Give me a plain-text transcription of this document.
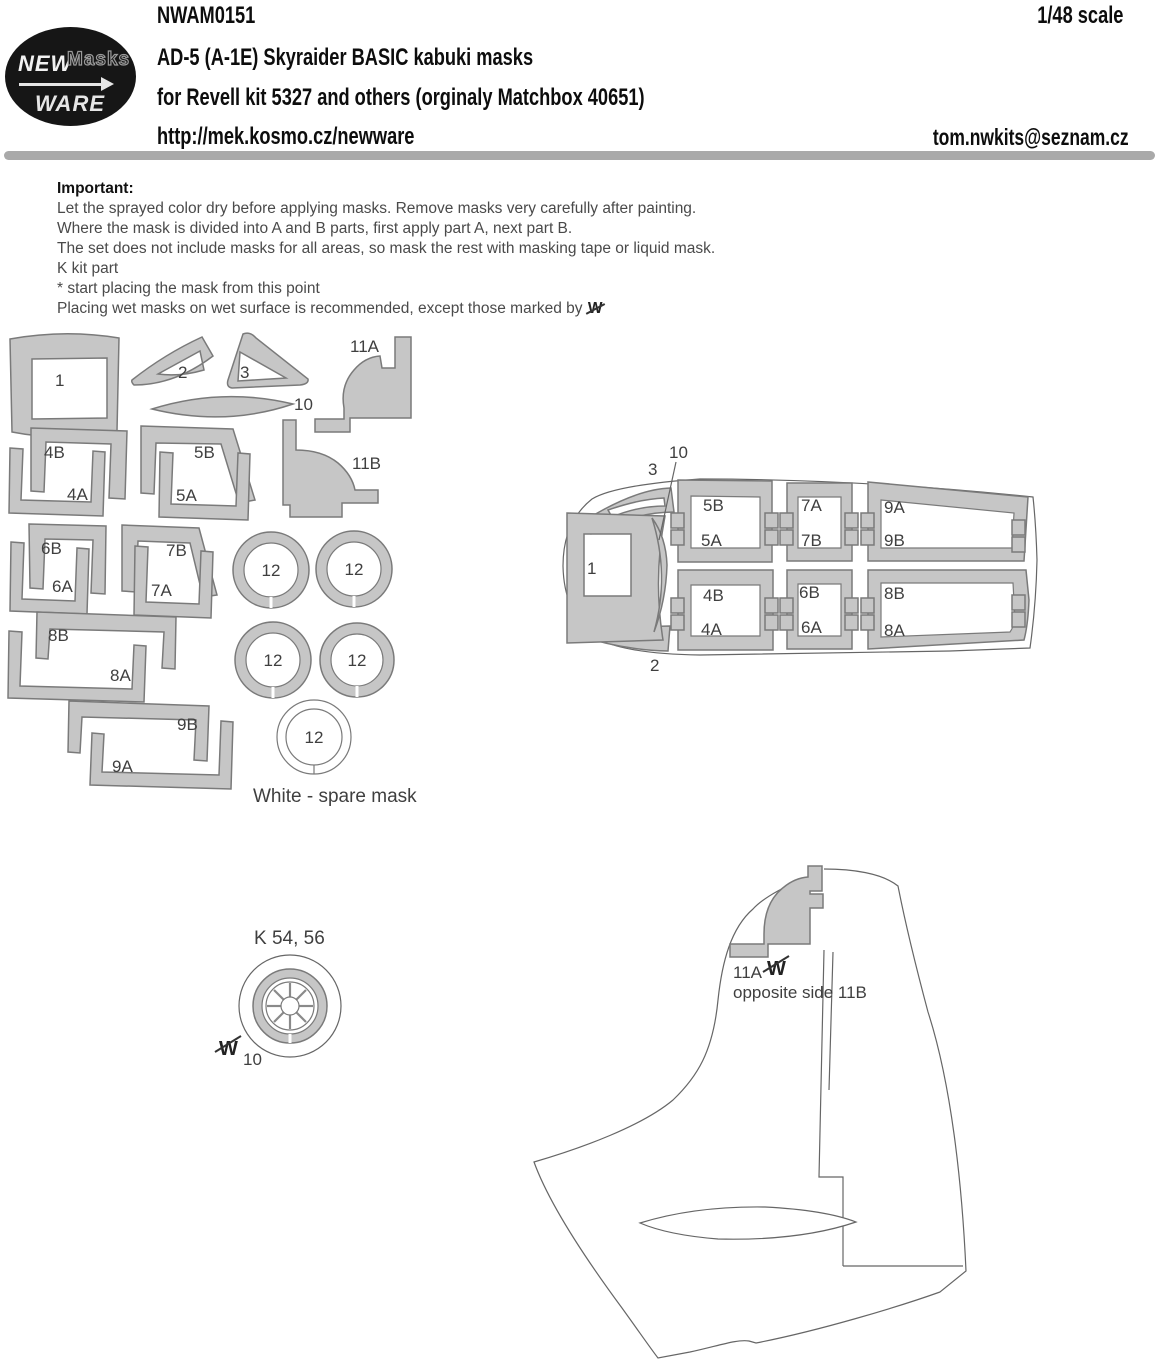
NEW
Masks
WARE
NWAM0151	1/48 scale
AD-5 (A-1E) Skyraider BASIC kabuki masks
for Revell kit 5327 and others (orginaly Matchbox 40651)
http://mek.kosmo.cz/newware	tom.nwkits@seznam.cz
Important:
Let the sprayed color dry before applying masks. Remove masks very carefully after painting.
Where the mask is divided into A and B parts, first apply part A, next part B.
The set does not include masks for all areas, so mask the rest with masking tape or liquid mask.
K kit part
* start placing the mask from this point
Placing wet masks on wet surface is recommended, except those marked by W
1	2	3
10
11A
4B
4A
5B
5A
11B
6B
6A
7B
7A
12	12
12	12
8B
8A
9B
9A
12
White - spare mask
1
5B
5A
4B
4A
7A
7B
6B
6A
9A
9B
8B
8A
10
3
2
K 54, 56
W 10
11A W
opposite side 11B
